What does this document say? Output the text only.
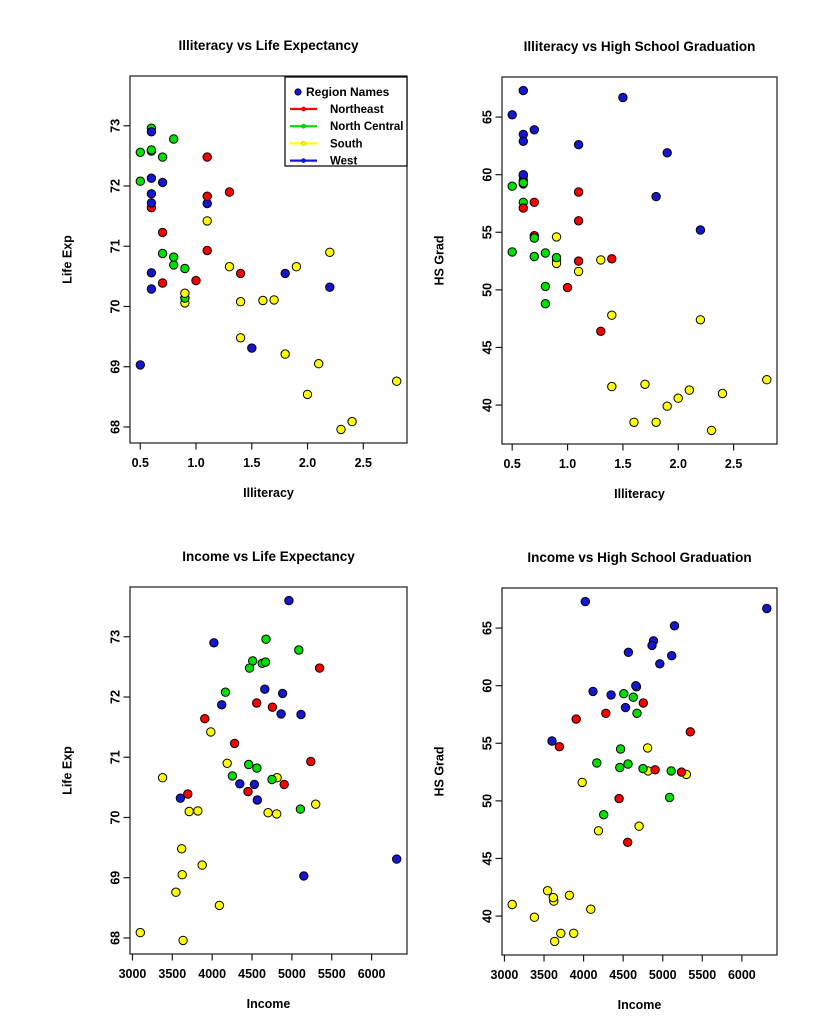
Illiteracy vs Life Expectancy
0.5	1.0	1.5	2.0	2.5
Illiteracy
68
69
70
71
72
73
Life Exp
Region Names
Northeast
North Central
South
West
Illiteracy vs High School Graduation
0.5	1.0	1.5	2.0	2.5
Illiteracy
40
45
50
55
60
65
HS Grad
Income vs Life Expectancy
3000 3500 4000 4500 5000 5500 6000
Income
68
69
70
71
72
73
Life Exp
Income vs High School Graduation
3000 3500 4000 4500 5000 5500 6000
Income
40
45
50
55
60
65
HS Grad
